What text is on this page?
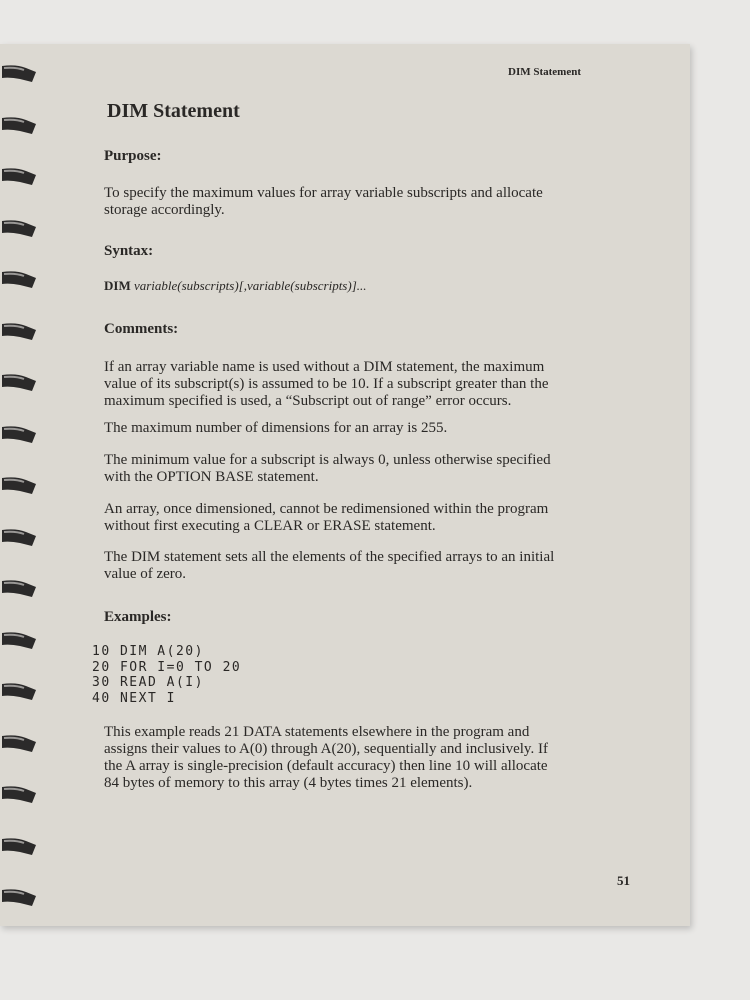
DIM Statement
DIM Statement

Purpose:

To specify the maximum values for array variable subscripts and allocate
storage accordingly.

Syntax:

DIM variable(subscripts)[,variable(subscripts)]...

Comments:

If an array variable name is used without a DIM statement, the maximum
value of its subscript(s) is assumed to be 10. If a subscript greater than the
maximum specified is used, a “Subscript out of range” error occurs.

The maximum number of dimensions for an array is 255.

The minimum value for a subscript is always 0, unless otherwise specified
with the OPTION BASE statement.

An array, once dimensioned, cannot be redimensioned within the program
without first executing a CLEAR or ERASE statement.

The DIM statement sets all the elements of the specified arrays to an initial
value of zero.

Examples:

10 DIM A(20)
20 FOR I=0 TO 20
30 READ A(I)
40 NEXT I

This example reads 21 DATA statements elsewhere in the program and
assigns their values to A(0) through A(20), sequentially and inclusively. If
the A array is single-precision (default accuracy) then line 10 will allocate
84 bytes of memory to this array (4 bytes times 21 elements).

51
